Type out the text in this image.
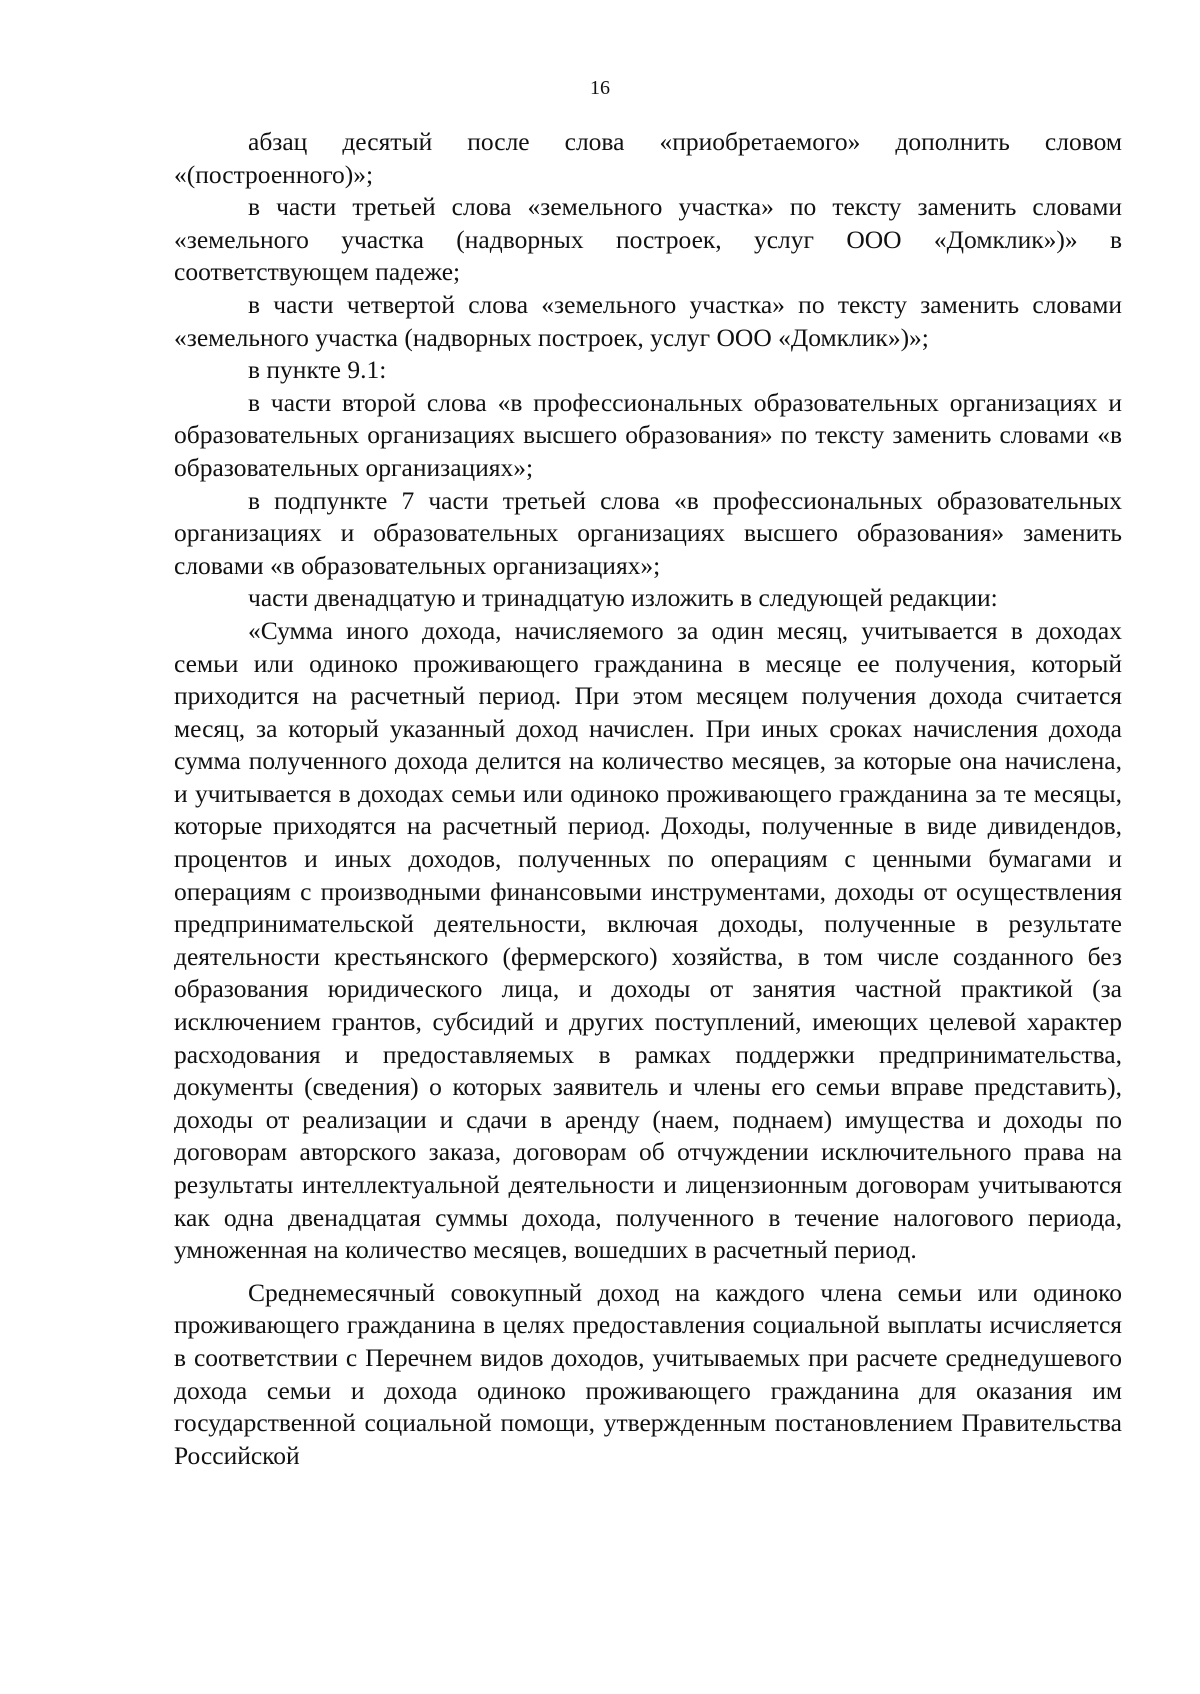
16

абзац десятый после слова «приобретаемого» дополнить словом «(построенного)»;

в части третьей слова «земельного участка» по тексту заменить словами «земельного участка (надворных построек, услуг ООО «Домклик»)» в соответствующем падеже;

в части четвертой слова «земельного участка» по тексту заменить словами «земельного участка (надворных построек, услуг ООО «Домклик»)»;

в пункте 9.1:

в части второй слова «в профессиональных образовательных организациях и образовательных организациях высшего образования» по тексту заменить словами «в образовательных организациях»;

в подпункте 7 части третьей слова «в профессиональных образовательных организациях и образовательных организациях высшего образования» заменить словами «в образовательных организациях»;

части двенадцатую и тринадцатую изложить в следующей редакции:

«Сумма иного дохода, начисляемого за один месяц, учитывается в доходах семьи или одиноко проживающего гражданина в месяце ее получения, который приходится на расчетный период. При этом месяцем получения дохода считается месяц, за который указанный доход начислен. При иных сроках начисления дохода сумма полученного дохода делится на количество месяцев, за которые она начислена, и учитывается в доходах семьи или одиноко проживающего гражданина за те месяцы, которые приходятся на расчетный период. Доходы, полученные в виде дивидендов, процентов и иных доходов, полученных по операциям с ценными бумагами и операциям с производными финансовыми инструментами, доходы от осуществления предпринимательской деятельности, включая доходы, полученные в результате деятельности крестьянского (фермерского) хозяйства, в том числе созданного без образования юридического лица, и доходы от занятия частной практикой (за исключением грантов, субсидий и других поступлений, имеющих целевой характер расходования и предоставляемых в рамках поддержки предпринимательства, документы (сведения) о которых заявитель и члены его семьи вправе представить), доходы от реализации и сдачи в аренду (наем, поднаем) имущества и доходы по договорам авторского заказа, договорам об отчуждении исключительного права на результаты интеллектуальной деятельности и лицензионным договорам учитываются как одна двенадцатая суммы дохода, полученного в течение налогового периода, умноженная на количество месяцев, вошедших в расчетный период.

Среднемесячный совокупный доход на каждого члена семьи или одиноко проживающего гражданина в целях предоставления социальной выплаты исчисляется в соответствии с Перечнем видов доходов, учитываемых при расчете среднедушевого дохода семьи и дохода одиноко проживающего гражданина для оказания им государственной социальной помощи, утвержденным постановлением Правительства Российской
